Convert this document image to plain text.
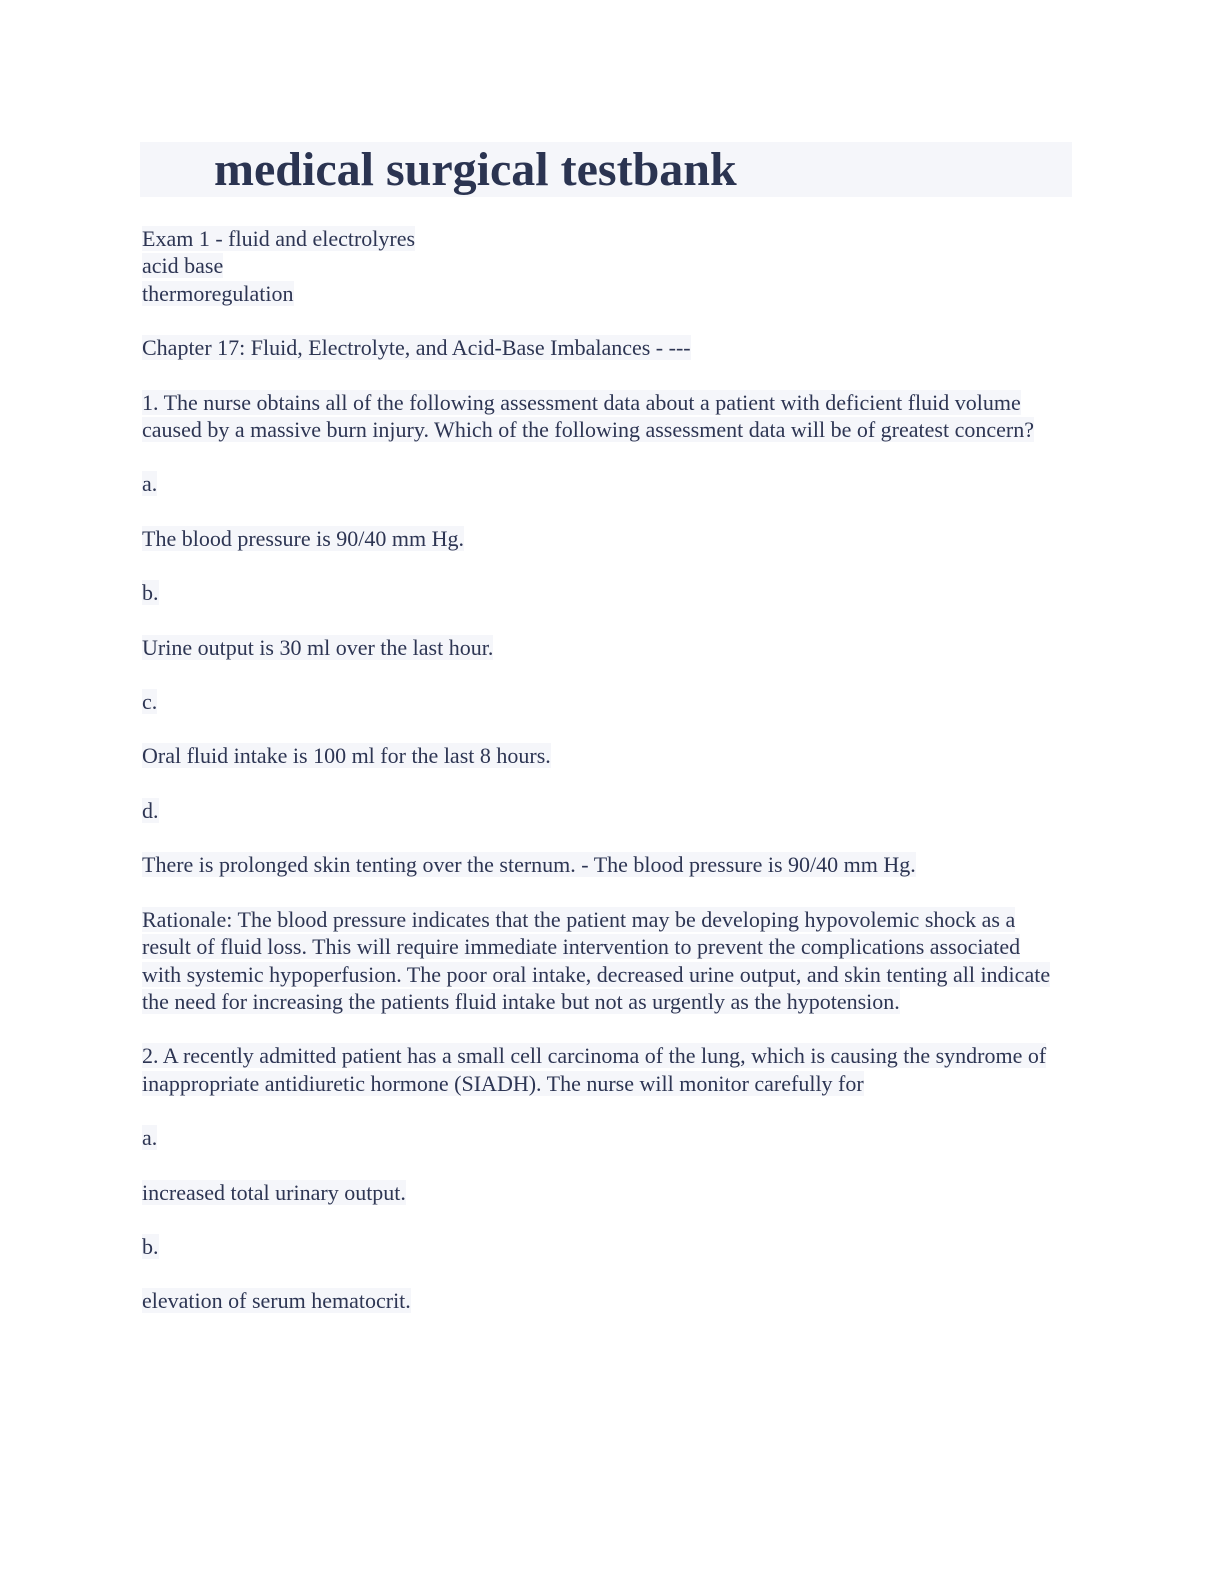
medical surgical testbank

Exam 1 - fluid and electrolyres
acid base
thermoregulation

Chapter 17: Fluid, Electrolyte, and Acid-Base Imbalances - ---

1. The nurse obtains all of the following assessment data about a patient with deficient fluid volume caused by a massive burn injury. Which of the following assessment data will be of greatest concern?

a.

The blood pressure is 90/40 mm Hg.

b.

Urine output is 30 ml over the last hour.

c.

Oral fluid intake is 100 ml for the last 8 hours.

d.

There is prolonged skin tenting over the sternum. - The blood pressure is 90/40 mm Hg.

Rationale: The blood pressure indicates that the patient may be developing hypovolemic shock as a result of fluid loss. This will require immediate intervention to prevent the complications associated with systemic hypoperfusion. The poor oral intake, decreased urine output, and skin tenting all indicate the need for increasing the patients fluid intake but not as urgently as the hypotension.

2. A recently admitted patient has a small cell carcinoma of the lung, which is causing the syndrome of inappropriate antidiuretic hormone (SIADH). The nurse will monitor carefully for

a.

increased total urinary output.

b.

elevation of serum hematocrit.
